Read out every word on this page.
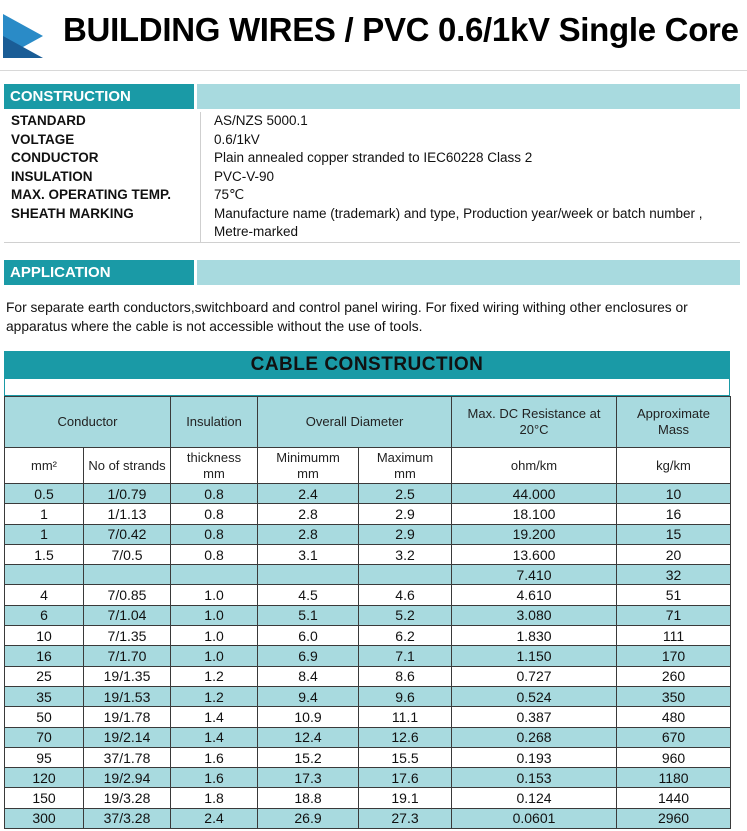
BUILDING WIRES / PVC 0.6/1kV Single Core
CONSTRUCTION
STANDARD	AS/NZS 5000.1
VOLTAGE	0.6/1kV
CONDUCTOR	Plain annealed copper stranded to IEC60228 Class 2
INSULATION	PVC-V-90
MAX. OPERATING TEMP.	75℃
SHEATH MARKING	Manufacture name (trademark) and type, Production year/week or batch number , Metre-marked
APPLICATION
For separate earth conductors,switchboard and control panel wiring. For fixed wiring withing other enclosures or apparatus where the cable is not accessible without the use of tools.
CABLE CONSTRUCTION
Conductor		Insulation	Overall Diameter		Max. DC Resistance at 20°C	Approximate Mass
mm²	No of strands	thickness mm	Minimumm mm	Maximum mm	ohm/km	kg/km
0.5	1/0.79	0.8	2.4	2.5	44.000	10
1	1/1.13	0.8	2.8	2.9	18.100	16
1	7/0.42	0.8	2.8	2.9	19.200	15
1.5	7/0.5	0.8	3.1	3.2	13.600	20
					7.410	32
4	7/0.85	1.0	4.5	4.6	4.610	51
6	7/1.04	1.0	5.1	5.2	3.080	71
10	7/1.35	1.0	6.0	6.2	1.830	111
16	7/1.70	1.0	6.9	7.1	1.150	170
25	19/1.35	1.2	8.4	8.6	0.727	260
35	19/1.53	1.2	9.4	9.6	0.524	350
50	19/1.78	1.4	10.9	11.1	0.387	480
70	19/2.14	1.4	12.4	12.6	0.268	670
95	37/1.78	1.6	15.2	15.5	0.193	960
120	19/2.94	1.6	17.3	17.6	0.153	1180
150	19/3.28	1.8	18.8	19.1	0.124	1440
300	37/3.28	2.4	26.9	27.3	0.0601	2960
